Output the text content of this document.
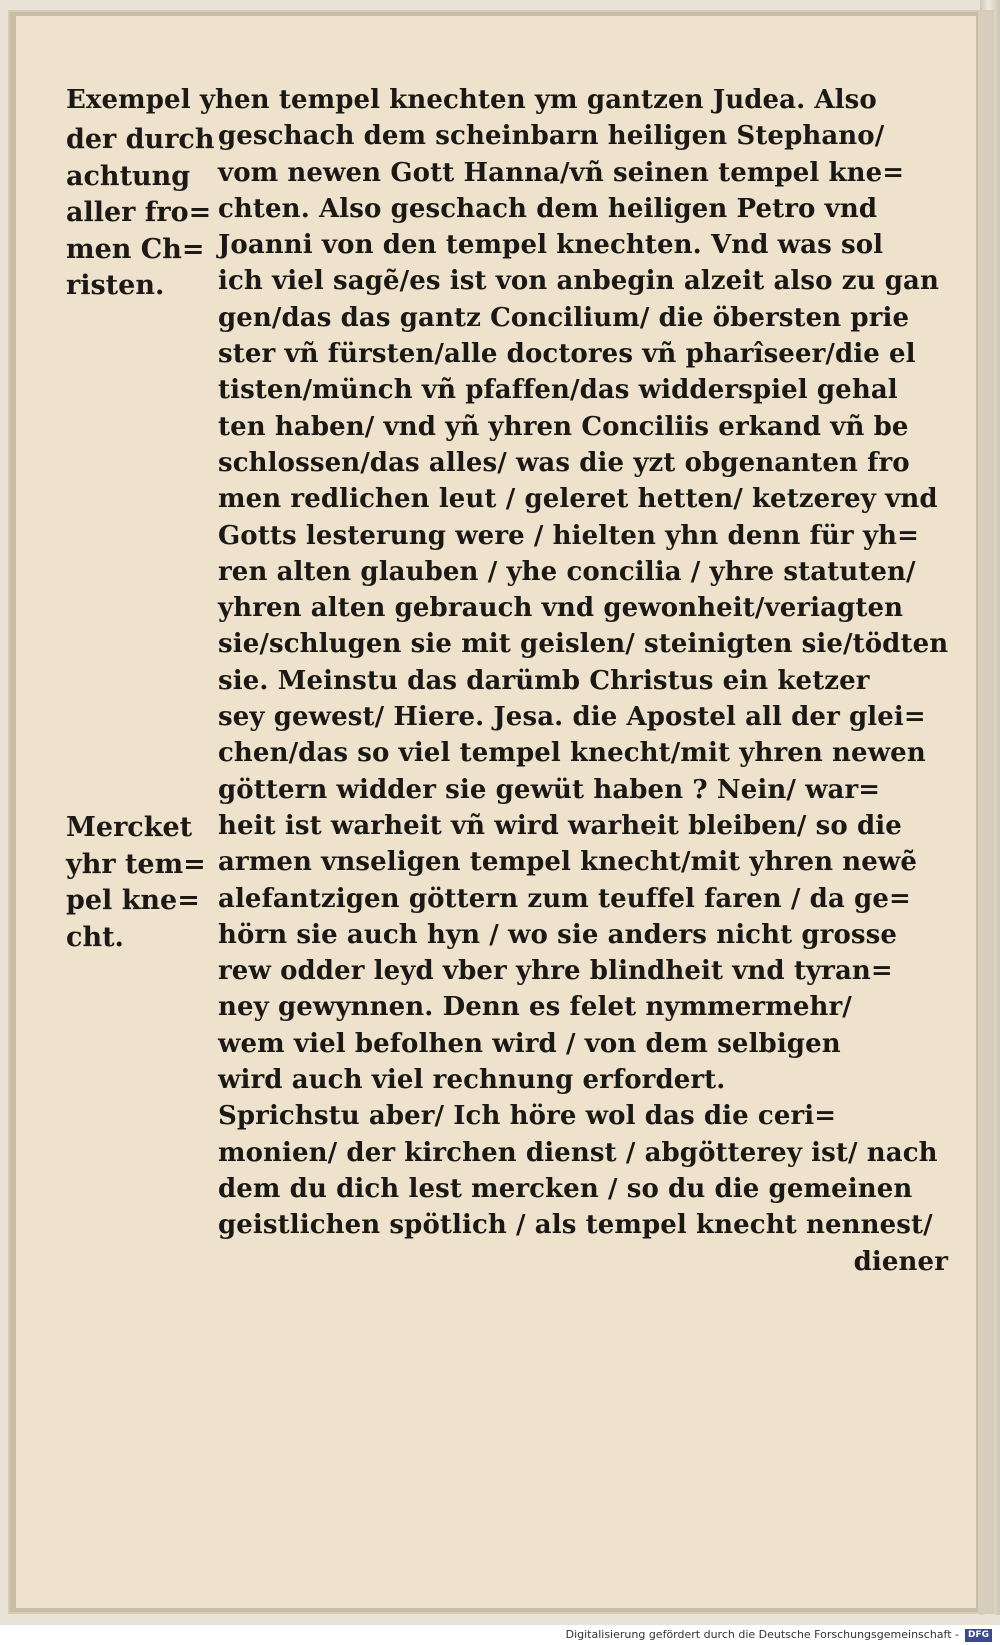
der durch
achtung
aller fro=
men Ch=
risten.
Mercket
yhr tem=
pel kne=
cht.
Exempel yhen tempel knechten ym gantzen Judea. Also
geschach dem scheinbarn heiligen Stephano/
vom newen Gott Hanna/vñ seinen tempel kne=
chten. Also geschach dem heiligen Petro vnd
Joanni von den tempel knechten. Vnd was sol
ich viel sagẽ/es ist von anbegin alzeit also zu gan
gen/das das gantz Concilium/ die öbersten prie
ster vñ fürsten/alle doctores vñ pharîseer/die el
tisten/münch vñ pfaffen/das widderspiel gehal
ten haben/ vnd yñ yhren Conciliis erkand vñ be
schlossen/das alles/ was die yzt obgenanten fro
men redlichen leut / geleret hetten/ ketzerey vnd
Gotts lesterung were / hielten yhn denn für yh=
ren alten glauben / yhe concilia / yhre statuten/
yhren alten gebrauch vnd gewonheit/veriagten
sie/schlugen sie mit geislen/ steinigten sie/tödten
sie. Meinstu das darümb Christus ein ketzer
sey gewest/ Hiere. Jesa. die Apostel all der glei=
chen/das so viel tempel knecht/mit yhren newen
göttern widder sie gewüt haben ? Nein/ war=
heit ist warheit vñ wird warheit bleiben/ so die
armen vnseligen tempel knecht/mit yhren newẽ
alefantzigen göttern zum teuffel faren / da ge=
hörn sie auch hyn / wo sie anders nicht grosse
rew odder leyd vber yhre blindheit vnd tyran=
ney gewynnen. Denn es felet nymmermehr/
wem viel befolhen wird / von dem selbigen
wird auch viel rechnung erfordert.
Sprichstu aber/ Ich höre wol das die ceri=
monien/ der kirchen dienst / abgötterey ist/ nach
dem du dich lest mercken / so du die gemeinen
geistlichen spötlich / als tempel knecht nennest/
diener
Digitalisierung gefördert durch die Deutsche Forschungsgemeinschaft - DFG
